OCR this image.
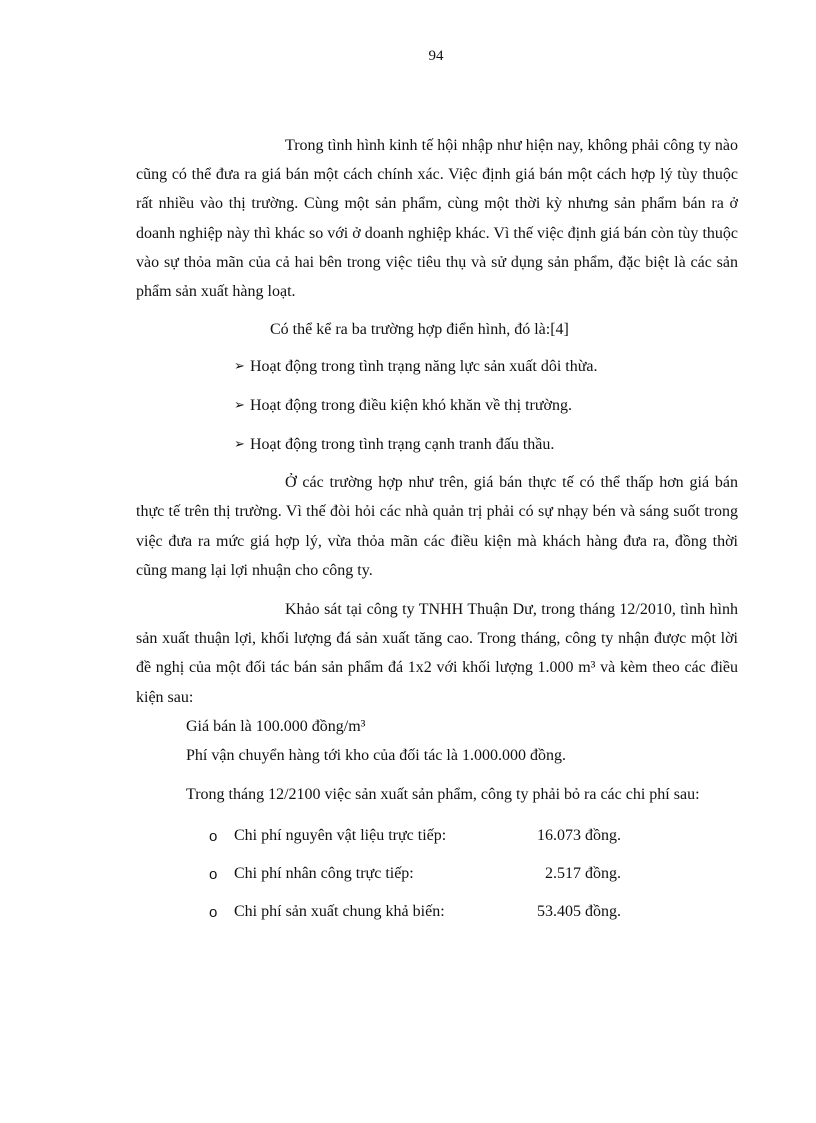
94

Trong tình hình kinh tế hội nhập như hiện nay, không phải công ty nào cũng có thể đưa ra giá bán một cách chính xác. Việc định giá bán một cách hợp lý tùy thuộc rất nhiều vào thị trường. Cùng một sản phẩm, cùng một thời kỳ nhưng sản phẩm bán ra ở doanh nghiệp này thì khác so với ở doanh nghiệp khác. Vì thế việc định giá bán còn tùy thuộc vào sự thỏa mãn của cả hai bên trong việc tiêu thụ và sử dụng sản phẩm, đặc biệt là các sản phẩm sản xuất hàng loạt.

Có thể kể ra ba trường hợp điển hình, đó là:[4]

➢ Hoạt động trong tình trạng năng lực sản xuất dôi thừa.

➢ Hoạt động trong điều kiện khó khăn về thị trường.

➢ Hoạt động trong tình trạng cạnh tranh đấu thầu.

Ở các trường hợp như trên, giá bán thực tế có thể thấp hơn giá bán thực tế trên thị trường. Vì thế đòi hỏi các nhà quản trị phải có sự nhạy bén và sáng suốt trong việc đưa ra mức giá hợp lý, vừa thỏa mãn các điều kiện mà khách hàng đưa ra, đồng thời cũng mang lại lợi nhuận cho công ty.

Khảo sát tại công ty TNHH Thuận Dư, trong tháng 12/2010, tình hình sản xuất thuận lợi, khối lượng đá sản xuất tăng cao. Trong tháng, công ty nhận được một lời đề nghị của một đối tác bán sản phẩm đá 1x2 với khối lượng 1.000 m³ và kèm theo các điều kiện sau:

Giá bán là 100.000 đồng/m³

Phí vận chuyển hàng tới kho của đối tác là 1.000.000 đồng.

Trong tháng 12/2100 việc sản xuất sản phẩm, công ty phải bỏ ra các chi phí sau:

o Chi phí nguyên vật liệu trực tiếp:	16.073 đồng.
o Chi phí nhân công trực tiếp:	2.517 đồng.
o Chi phí sản xuất chung khả biến:	53.405 đồng.
